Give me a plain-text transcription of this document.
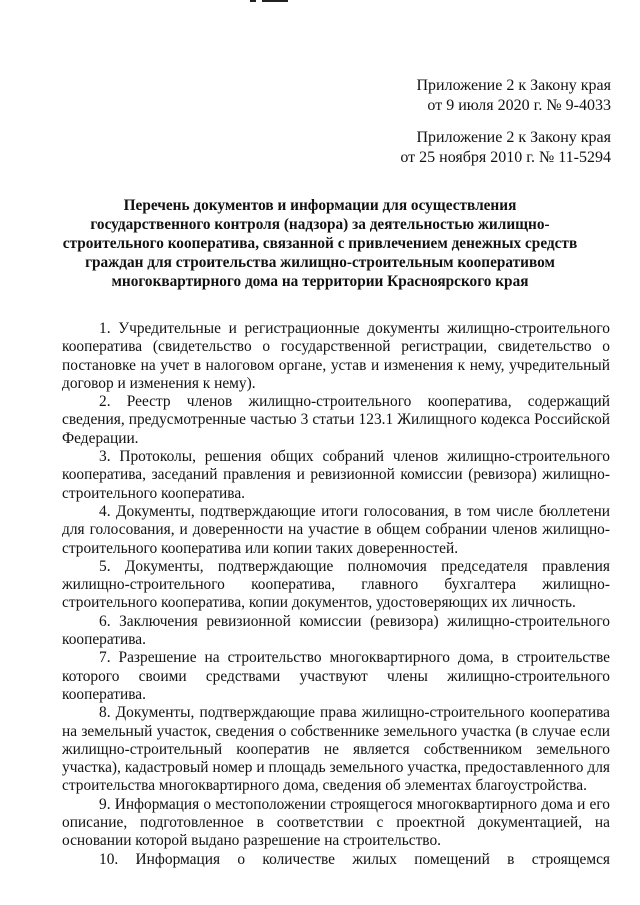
Приложение 2 к Закону края
от 9 июля 2020 г. № 9-4033
Приложение 2 к Закону края
от 25 ноября 2010 г. № 11-5294
Перечень документов и информации для осуществления
государственного контроля (надзора) за деятельностью жилищно-
строительного кооператива, связанной с привлечением денежных средств
граждан для строительства жилищно-строительным кооперативом
многоквартирного дома на территории Красноярского края

1. Учредительные и регистрационные документы жилищно-строительного кооператива (свидетельство о государственной регистрации, свидетельство о постановке на учет в налоговом органе, устав и изменения к нему, учредительный договор и изменения к нему).

2. Реестр членов жилищно-строительного кооператива, содержащий сведения, предусмотренные частью 3 статьи 123.1 Жилищного кодекса Российской Федерации.

3. Протоколы, решения общих собраний членов жилищно-строительного кооператива, заседаний правления и ревизионной комиссии (ревизора) жилищно-строительного кооператива.

4. Документы, подтверждающие итоги голосования, в том числе бюллетени для голосования, и доверенности на участие в общем собрании членов жилищно-строительного кооператива или копии таких доверенностей.

5. Документы, подтверждающие полномочия председателя правления жилищно-строительного кооператива, главного бухгалтера жилищно-строительного кооператива, копии документов, удостоверяющих их личность.

6. Заключения ревизионной комиссии (ревизора) жилищно-строительного кооператива.

7. Разрешение на строительство многоквартирного дома, в строительстве которого своими средствами участвуют члены жилищно-строительного кооператива.

8. Документы, подтверждающие права жилищно-строительного кооператива на земельный участок, сведения о собственнике земельного участка (в случае если жилищно-строительный кооператив не является собственником земельного участка), кадастровый номер и площадь земельного участка, предоставленного для строительства многоквартирного дома, сведения об элементах благоустройства.

9. Информация о местоположении строящегося многоквартирного дома и его описание, подготовленное в соответствии с проектной документацией, на основании которой выдано разрешение на строительство.

10. Информация о количестве жилых помещений в строящемся
